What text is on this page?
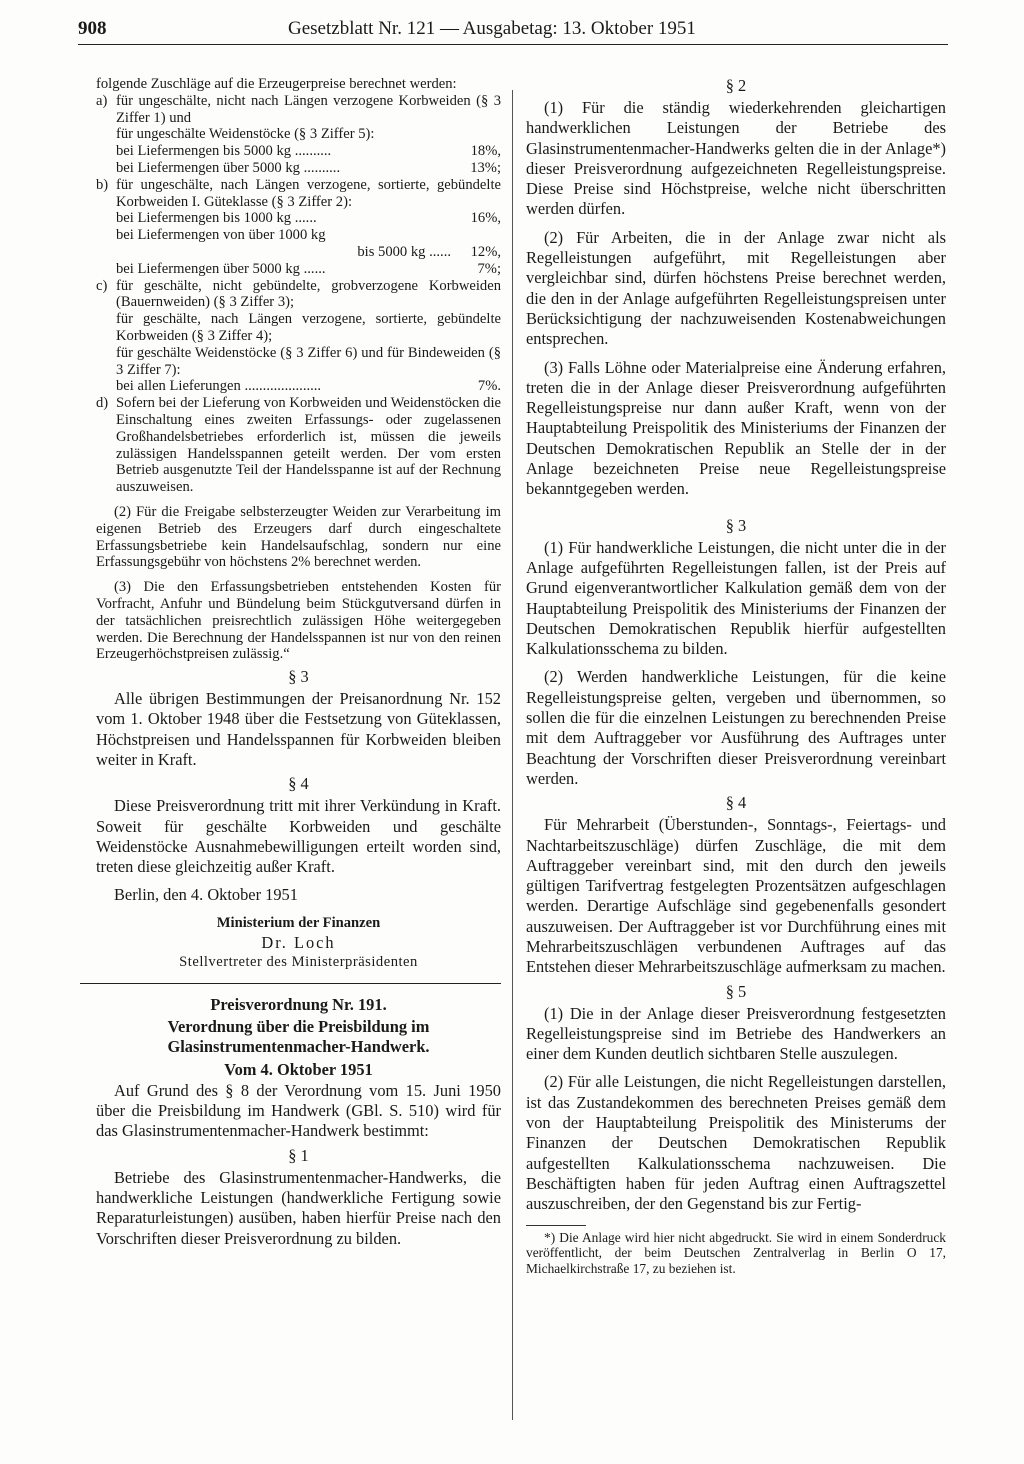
908	Gesetzblatt Nr. 121 — Ausgabetag: 13. Oktober 1951

folgende Zuschläge auf die Erzeugerpreise berechnet werden:

a) für ungeschälte, nicht nach Längen verzogene Korbweiden (§ 3 Ziffer 1) und

für ungeschälte Weidenstöcke (§ 3 Ziffer 5):

bei Liefermengen bis 5000 kg ..........	18%,
bei Liefermengen über 5000 kg ..........	13%;
b) für ungeschälte, nach Längen verzogene, sortierte, gebündelte Korbweiden I. Güteklasse (§ 3 Ziffer 2):

bei Liefermengen bis 1000 kg ......	16%,
bei Liefermengen von über 1000 kg
bis 5000 kg ......	12%,
bei Liefermengen über 5000 kg ......	7%;
c) für geschälte, nicht gebündelte, grobverzogene Korbweiden (Bauernweiden) (§ 3 Ziffer 3);

für geschälte, nach Längen verzogene, sortierte, gebündelte Korbweiden (§ 3 Ziffer 4);

für geschälte Weidenstöcke (§ 3 Ziffer 6) und für Bindeweiden (§ 3 Ziffer 7):

bei allen Lieferungen .....................	7%.
d) Sofern bei der Lieferung von Korbweiden und Weidenstöcken die Einschaltung eines zweiten Erfassungs- oder zugelassenen Großhandelsbetriebes erforderlich ist, müssen die jeweils zulässigen Handelsspannen geteilt werden. Der vom ersten Betrieb ausgenutzte Teil der Handelsspanne ist auf der Rechnung auszuweisen.

(2) Für die Freigabe selbsterzeugter Weiden zur Verarbeitung im eigenen Betrieb des Erzeugers darf durch eingeschaltete Erfassungsbetriebe kein Handelsaufschlag, sondern nur eine Erfassungsgebühr von höchstens 2% berechnet werden.

(3) Die den Erfassungsbetrieben entstehenden Kosten für Vorfracht, Anfuhr und Bündelung beim Stückgutversand dürfen in der tatsächlichen preisrechtlich zulässigen Höhe weitergegeben werden. Die Berechnung der Handelsspannen ist nur von den reinen Erzeugerhöchstpreisen zulässig.“

§ 3

Alle übrigen Bestimmungen der Preisanordnung Nr. 152 vom 1. Oktober 1948 über die Festsetzung von Güteklassen, Höchstpreisen und Handelsspannen für Korbweiden bleiben weiter in Kraft.

§ 4

Diese Preisverordnung tritt mit ihrer Verkündung in Kraft. Soweit für geschälte Korbweiden und geschälte Weidenstöcke Ausnahmebewilligungen erteilt worden sind, treten diese gleichzeitig außer Kraft.

Berlin, den 4. Oktober 1951

Ministerium der Finanzen

Dr. Loch

Stellvertreter des Ministerpräsidenten

Preisverordnung Nr. 191.

Verordnung über die Preisbildung im Glasinstrumentenmacher-Handwerk.

Vom 4. Oktober 1951

Auf Grund des § 8 der Verordnung vom 15. Juni 1950 über die Preisbildung im Handwerk (GBl. S. 510) wird für das Glasinstrumentenmacher-Handwerk bestimmt:

§ 1

Betriebe des Glasinstrumentenmacher-Handwerks, die handwerkliche Leistungen (handwerkliche Fertigung sowie Reparaturleistungen) ausüben, haben hierfür Preise nach den Vorschriften dieser Preisverordnung zu bilden.

§ 2

(1) Für die ständig wiederkehrenden gleichartigen handwerklichen Leistungen der Betriebe des Glasinstrumentenmacher-Handwerks gelten die in der Anlage*) dieser Preisverordnung aufgezeichneten Regelleistungspreise. Diese Preise sind Höchstpreise, welche nicht überschritten werden dürfen.

(2) Für Arbeiten, die in der Anlage zwar nicht als Regelleistungen aufgeführt, mit Regelleistungen aber vergleichbar sind, dürfen höchstens Preise berechnet werden, die den in der Anlage aufgeführten Regelleistungspreisen unter Berücksichtigung der nachzuweisenden Kostenabweichungen entsprechen.

(3) Falls Löhne oder Materialpreise eine Änderung erfahren, treten die in der Anlage dieser Preisverordnung aufgeführten Regelleistungspreise nur dann außer Kraft, wenn von der Hauptabteilung Preispolitik des Ministeriums der Finanzen der Deutschen Demokratischen Republik an Stelle der in der Anlage bezeichneten Preise neue Regelleistungspreise bekanntgegeben werden.

§ 3

(1) Für handwerkliche Leistungen, die nicht unter die in der Anlage aufgeführten Regelleistungen fallen, ist der Preis auf Grund eigenverantwortlicher Kalkulation gemäß dem von der Hauptabteilung Preispolitik des Ministeriums der Finanzen der Deutschen Demokratischen Republik hierfür aufgestellten Kalkulationsschema zu bilden.

(2) Werden handwerkliche Leistungen, für die keine Regelleistungspreise gelten, vergeben und übernommen, so sollen die für die einzelnen Leistungen zu berechnenden Preise mit dem Auftraggeber vor Ausführung des Auftrages unter Beachtung der Vorschriften dieser Preisverordnung vereinbart werden.

§ 4

Für Mehrarbeit (Überstunden-, Sonntags-, Feiertags- und Nachtarbeitszuschläge) dürfen Zuschläge, die mit dem Auftraggeber vereinbart sind, mit den durch den jeweils gültigen Tarifvertrag festgelegten Prozentsätzen aufgeschlagen werden. Derartige Aufschläge sind gegebenenfalls gesondert auszuweisen. Der Auftraggeber ist vor Durchführung eines mit Mehrarbeitszuschlägen verbundenen Auftrages auf das Entstehen dieser Mehrarbeitszuschläge aufmerksam zu machen.

§ 5

(1) Die in der Anlage dieser Preisverordnung festgesetzten Regelleistungspreise sind im Betriebe des Handwerkers an einer dem Kunden deutlich sichtbaren Stelle auszulegen.

(2) Für alle Leistungen, die nicht Regelleistungen darstellen, ist das Zustandekommen des berechneten Preises gemäß dem von der Hauptabteilung Preispolitik des Ministerums der Finanzen der Deutschen Demokratischen Republik aufgestellten Kalkulationsschema nachzuweisen. Die Beschäftigten haben für jeden Auftrag einen Auftragszettel auszuschreiben, der den Gegenstand bis zur Fertig-

*) Die Anlage wird hier nicht abgedruckt. Sie wird in einem Sonderdruck veröffentlicht, der beim Deutschen Zentralverlag in Berlin O 17, Michaelkirchstraße 17, zu beziehen ist.
